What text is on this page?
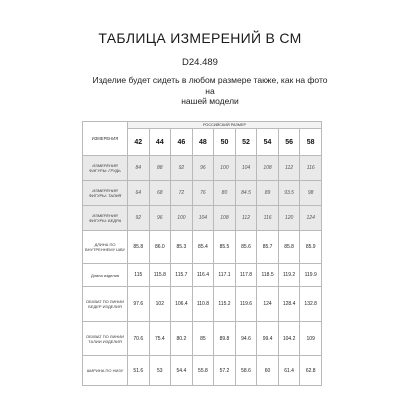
ТАБЛИЦА ИЗМЕРЕНИЙ В СМ
D24.489
Изделие будет сидеть в любом размере также, как на фото на
нашей модели
ИЗМЕРЕНИЯ	РОССИЙСКИЙ РАЗМЕР								
	42	44	46	48	50	52	54	56	58
ИЗМЕРЕНИЯ ФИГУРЫ: ГРУДЬ	84	88	92	96	100	104	108	112	116
ИЗМЕРЕНИЯ ФИГУРЫ: ТАЛИЯ	64	68	72	76	80	84.5	89	93.5	98
ИЗМЕРЕНИЯ ФИГУРЫ: БЕДРА	92	96	100	104	108	112	116	120	124
ДЛИНА ПО ВНУТРЕННЕМУ ШВУ	85.8	86.0	85.3	85.4	85.5	85.6	85.7	85.8	85.9
Длина изделия	115	115.8	115.7	116.4	117.1	117.8	118.5	119.2	119.9
ОБХВАТ ПО ЛИНИИ БЕДЕР ИЗДЕЛИЯ	97.6	102	106.4	110.8	115.2	119.6	124	128.4	132.8
ОБХВАТ ПО ЛИНИИ ТАЛИИ ИЗДЕЛИЯ	70.6	75.4	80.2	85	89.8	94.6	99.4	104.2	109
ШИРИНА ПО НИЗУ	51.6	53	54.4	55.8	57.2	58.6	60	61.4	62.8
